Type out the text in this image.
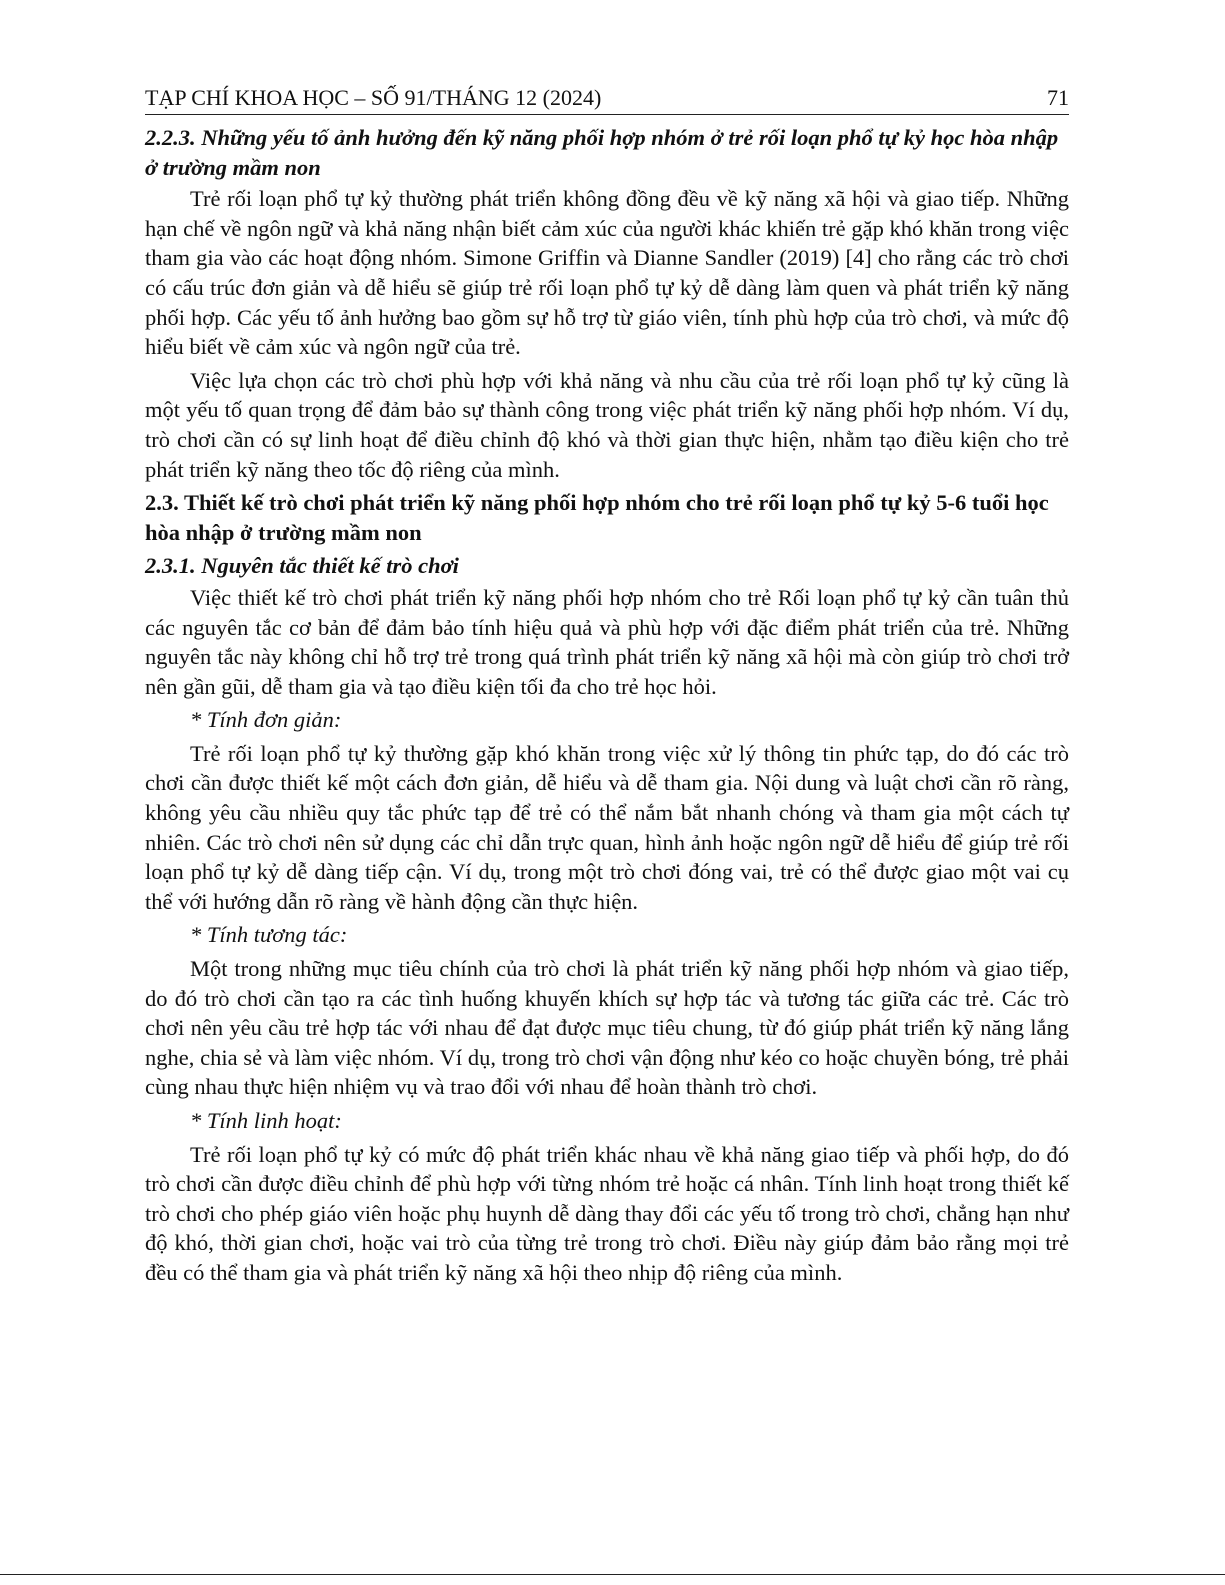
TẠP CHÍ KHOA HỌC – SỐ 91/THÁNG 12 (2024)	71
2.2.3. Những yếu tố ảnh hưởng đến kỹ năng phối hợp nhóm ở trẻ rối loạn phổ tự kỷ học hòa nhập ở trường mầm non

Trẻ rối loạn phổ tự kỷ thường phát triển không đồng đều về kỹ năng xã hội và giao tiếp. Những hạn chế về ngôn ngữ và khả năng nhận biết cảm xúc của người khác khiến trẻ gặp khó khăn trong việc tham gia vào các hoạt động nhóm. Simone Griffin và Dianne Sandler (2019) [4] cho rằng các trò chơi có cấu trúc đơn giản và dễ hiểu sẽ giúp trẻ rối loạn phổ tự kỷ dễ dàng làm quen và phát triển kỹ năng phối hợp. Các yếu tố ảnh hưởng bao gồm sự hỗ trợ từ giáo viên, tính phù hợp của trò chơi, và mức độ hiểu biết về cảm xúc và ngôn ngữ của trẻ.

Việc lựa chọn các trò chơi phù hợp với khả năng và nhu cầu của trẻ rối loạn phổ tự kỷ cũng là một yếu tố quan trọng để đảm bảo sự thành công trong việc phát triển kỹ năng phối hợp nhóm. Ví dụ, trò chơi cần có sự linh hoạt để điều chỉnh độ khó và thời gian thực hiện, nhằm tạo điều kiện cho trẻ phát triển kỹ năng theo tốc độ riêng của mình.

2.3. Thiết kế trò chơi phát triển kỹ năng phối hợp nhóm cho trẻ rối loạn phổ tự kỷ 5-6 tuổi học hòa nhập ở trường mầm non
2.3.1. Nguyên tắc thiết kế trò chơi

Việc thiết kế trò chơi phát triển kỹ năng phối hợp nhóm cho trẻ Rối loạn phổ tự kỷ cần tuân thủ các nguyên tắc cơ bản để đảm bảo tính hiệu quả và phù hợp với đặc điểm phát triển của trẻ. Những nguyên tắc này không chỉ hỗ trợ trẻ trong quá trình phát triển kỹ năng xã hội mà còn giúp trò chơi trở nên gần gũi, dễ tham gia và tạo điều kiện tối đa cho trẻ học hỏi.

* Tính đơn giản:

Trẻ rối loạn phổ tự kỷ thường gặp khó khăn trong việc xử lý thông tin phức tạp, do đó các trò chơi cần được thiết kế một cách đơn giản, dễ hiểu và dễ tham gia. Nội dung và luật chơi cần rõ ràng, không yêu cầu nhiều quy tắc phức tạp để trẻ có thể nắm bắt nhanh chóng và tham gia một cách tự nhiên. Các trò chơi nên sử dụng các chỉ dẫn trực quan, hình ảnh hoặc ngôn ngữ dễ hiểu để giúp trẻ rối loạn phổ tự kỷ dễ dàng tiếp cận. Ví dụ, trong một trò chơi đóng vai, trẻ có thể được giao một vai cụ thể với hướng dẫn rõ ràng về hành động cần thực hiện.

* Tính tương tác:

Một trong những mục tiêu chính của trò chơi là phát triển kỹ năng phối hợp nhóm và giao tiếp, do đó trò chơi cần tạo ra các tình huống khuyến khích sự hợp tác và tương tác giữa các trẻ. Các trò chơi nên yêu cầu trẻ hợp tác với nhau để đạt được mục tiêu chung, từ đó giúp phát triển kỹ năng lắng nghe, chia sẻ và làm việc nhóm. Ví dụ, trong trò chơi vận động như kéo co hoặc chuyền bóng, trẻ phải cùng nhau thực hiện nhiệm vụ và trao đổi với nhau để hoàn thành trò chơi.

* Tính linh hoạt:

Trẻ rối loạn phổ tự kỷ có mức độ phát triển khác nhau về khả năng giao tiếp và phối hợp, do đó trò chơi cần được điều chỉnh để phù hợp với từng nhóm trẻ hoặc cá nhân. Tính linh hoạt trong thiết kế trò chơi cho phép giáo viên hoặc phụ huynh dễ dàng thay đổi các yếu tố trong trò chơi, chẳng hạn như độ khó, thời gian chơi, hoặc vai trò của từng trẻ trong trò chơi. Điều này giúp đảm bảo rằng mọi trẻ đều có thể tham gia và phát triển kỹ năng xã hội theo nhịp độ riêng của mình.
